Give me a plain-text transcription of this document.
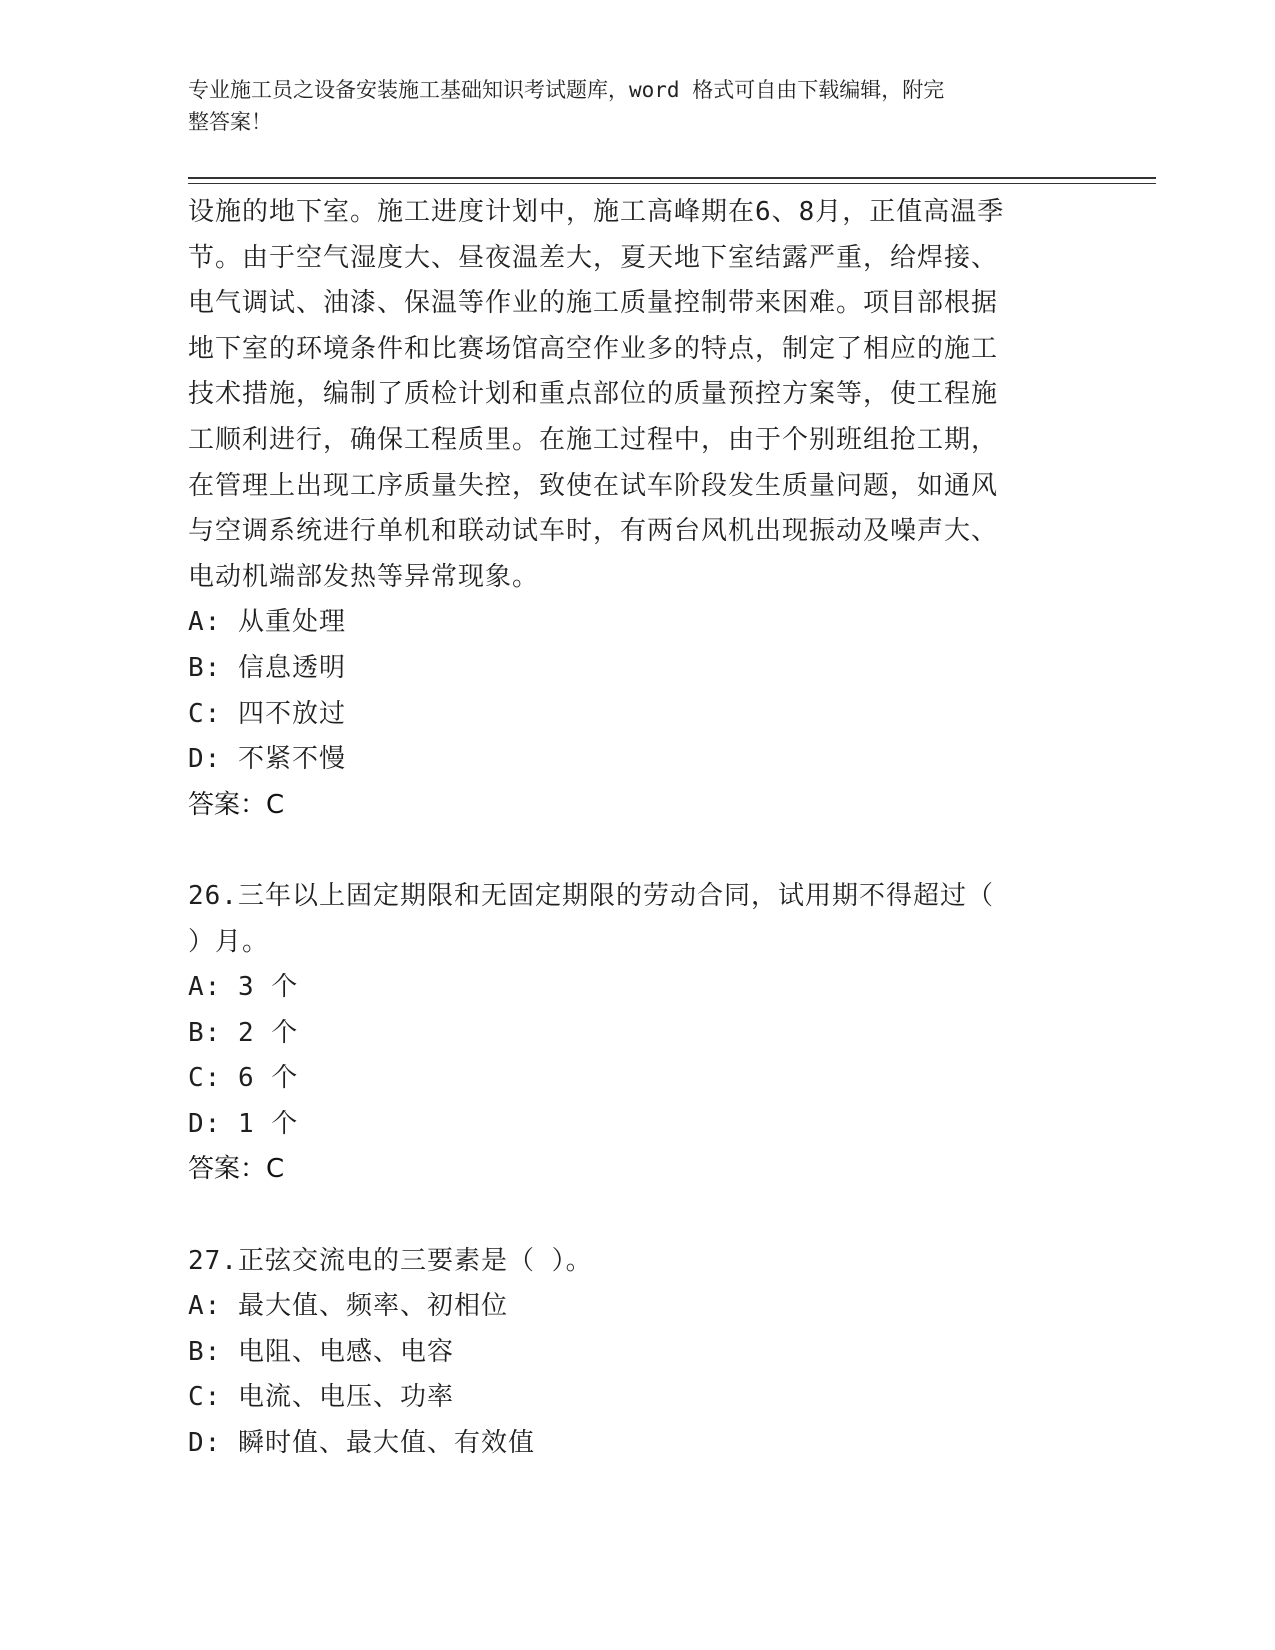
专业施工员之设备安装施工基础知识考试题库，word 格式可自由下载编辑，附完
整答案！
设施的地下室。施工进度计划中，施工高峰期在6、8月，正值高温季
节。由于空气湿度大、昼夜温差大，夏天地下室结露严重，给焊接、
电气调试、油漆、保温等作业的施工质量控制带来困难。项目部根据
地下室的环境条件和比赛场馆高空作业多的特点，制定了相应的施工
技术措施，编制了质检计划和重点部位的质量预控方案等，使工程施
工顺利进行，确保工程质里。在施工过程中，由于个别班组抢工期，
在管理上出现工序质量失控，致使在试车阶段发生质量问题，如通风
与空调系统进行单机和联动试车时，有两台风机出现振动及噪声大、
电动机端部发热等异常现象。
A: 从重处理
B: 信息透明
C: 四不放过
D: 不紧不慢
答案：C
26.三年以上固定期限和无固定期限的劳动合同，试用期不得超过（
）月。
A: 3 个
B: 2 个
C: 6 个
D: 1 个
答案：C
27.正弦交流电的三要素是（ ）。
A: 最大值、频率、初相位
B: 电阻、电感、电容
C: 电流、电压、功率
D: 瞬时值、最大值、有效值
